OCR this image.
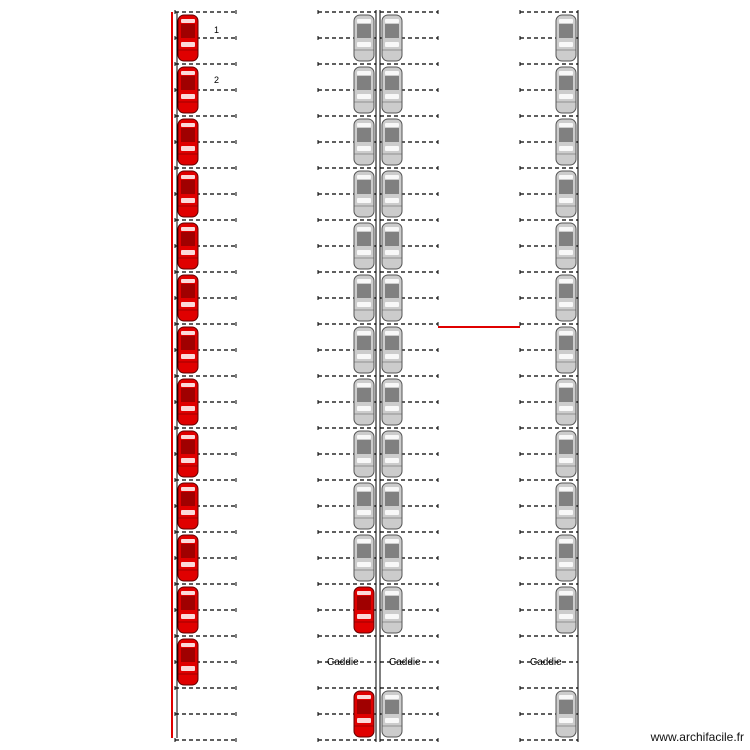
1
2
Caddie	Caddie	Caddie
www.archifacile.fr
